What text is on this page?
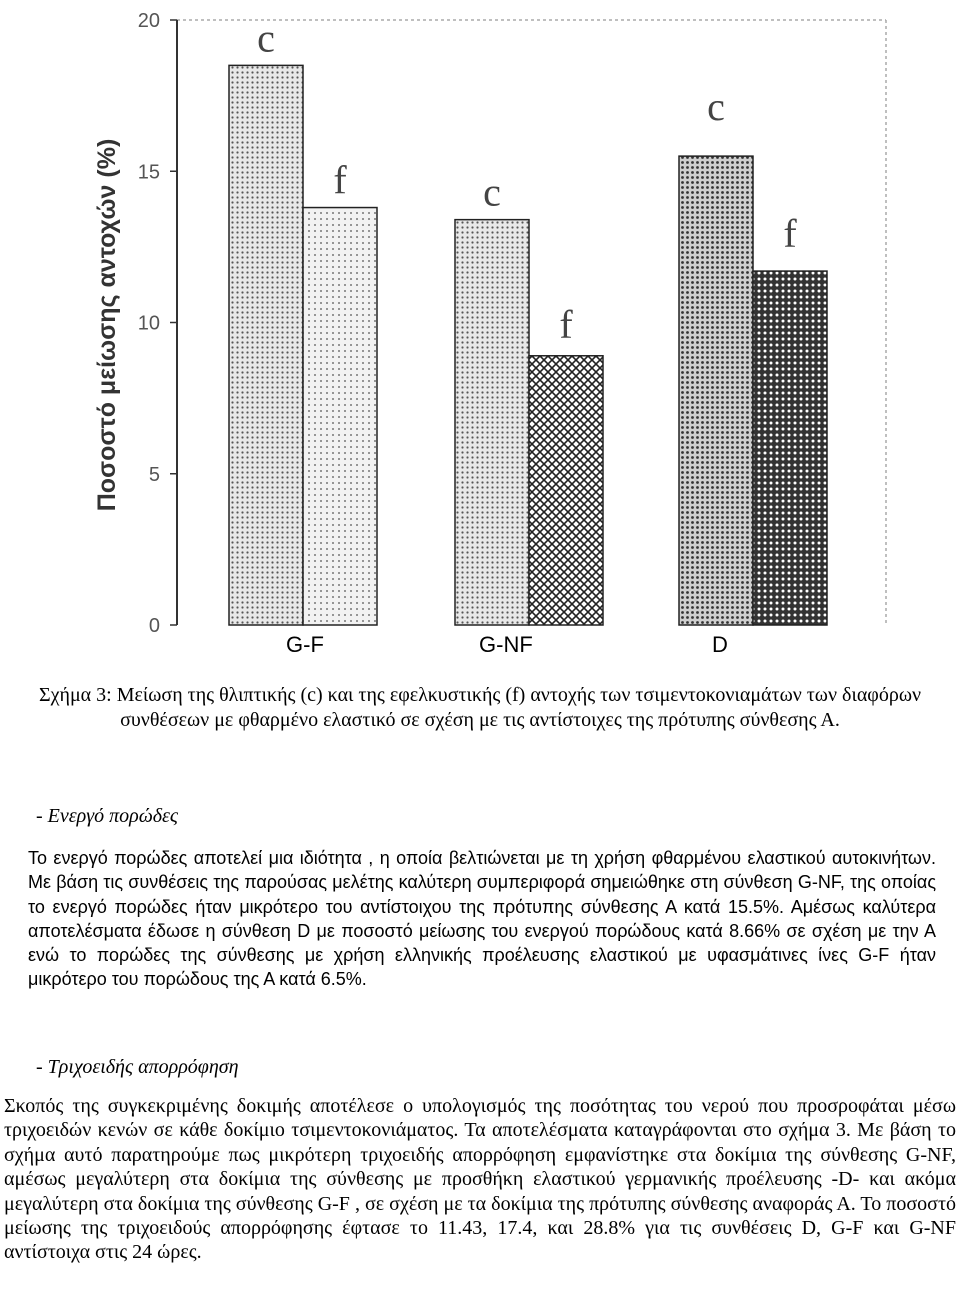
0
5
10
15
20 c
c
c
f
f
f
Ποσοστό μείωσης αντοχών (%)
G-F	G-NF	D
Σχήμα 3: Μείωση της θλιπτικής (c) και της εφελκυστικής (f) αντοχής των τσιμεντοκονιαμάτων των διαφόρων συνθέσεων με φθαρμένο ελαστικό σε σχέση με τις αντίστοιχες της πρότυπης σύνθεσης Α.
- Ενεργό πορώδες
Το ενεργό πορώδες αποτελεί μια ιδιότητα , η οποία βελτιώνεται με τη χρήση φθαρμένου ελαστικού αυτοκινήτων. Με βάση τις συνθέσεις της παρούσας μελέτης καλύτερη συμπεριφορά σημειώθηκε στη σύνθεση G-NF, της οποίας το ενεργό πορώδες ήταν μικρότερο του αντίστοιχου της πρότυπης σύνθεσης Α κατά 15.5%. Αμέσως καλύτερα αποτελέσματα έδωσε η σύνθεση D με ποσοστό μείωσης του ενεργού πορώδους κατά 8.66% σε σχέση με την Α ενώ το πορώδες της σύνθεσης με χρήση ελληνικής προέλευσης ελαστικού με υφασμάτινες ίνες G-F ήταν μικρότερο του πορώδους της Α κατά 6.5%.
- Τριχοειδής απορρόφηση
Σκοπός της συγκεκριμένης δοκιμής αποτέλεσε ο υπολογισμός της ποσότητας του νερού που προσροφάται μέσω τριχοειδών κενών σε κάθε δοκίμιο τσιμεντοκονιάματος. Τα αποτελέσματα καταγράφονται στο σχήμα 3. Με βάση το σχήμα αυτό παρατηρούμε πως μικρότερη τριχοειδής απορρόφηση εμφανίστηκε στα δοκίμια της σύνθεσης G-NF, αμέσως μεγαλύτερη στα δοκίμια της σύνθεσης με προσθήκη ελαστικού γερμανικής προέλευσης -D- και ακόμα μεγαλύτερη στα δοκίμια της σύνθεσης G-F , σε σχέση με τα δοκίμια της πρότυπης σύνθεσης αναφοράς Α. Το ποσοστό μείωσης της τριχοειδούς απορρόφησης έφτασε το 11.43, 17.4, και 28.8% για τις συνθέσεις D, G-F και G-NF αντίστοιχα στις 24 ώρες.
